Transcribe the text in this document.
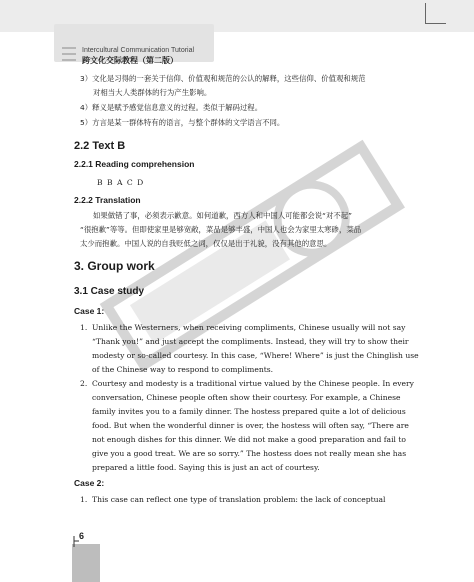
Intercultural Communication Tutorial
跨文化交际教程（第二版）
3）文化是习得的一套关于信仰、价值观和规范的公认的解释，这些信仰、价值观和规范
对相当大人类群体的行为产生影响。
4）释义是赋予感觉信息意义的过程。类似于解码过程。
5）方言是某一群体特有的语言，与整个群体的文学语言不同。
2.2 Text B
2.2.1 Reading comprehension
B B A C D
2.2.2 Translation
如果做错了事，必须表示歉意。如何道歉，西方人和中国人可能都会说“对不起”
“很抱歉”等等。但即使家里是够宽敞，菜品是够丰盛，中国人也会为家里太寒碜，菜品
太少而抱歉。中国人说的自我贬低之词，仅仅是出于礼貌，没有其他的意思。
3. Group work
3.1 Case study
Case 1:
1. Unlike the Westerners, when receiving compliments, Chinese usually will not say
“Thank you!” and just accept the compliments. Instead, they will try to show their
modesty or so-called courtesy. In this case, “Where! Where” is just the Chinglish use
of the Chinese way to respond to compliments.
2. Courtesy and modesty is a traditional virtue valued by the Chinese people. In every
conversation, Chinese people often show their courtesy. For example, a Chinese
family invites you to a family dinner. The hostess prepared quite a lot of delicious
food. But when the wonderful dinner is over, the hostess will often say, “There are
not enough dishes for this dinner. We did not make a good preparation and fail to
give you a good treat. We are so sorry.” The hostess does not really mean she has
prepared a little food. Saying this is just an act of courtesy.
Case 2:
1. This case can reflect one type of translation problem: the lack of conceptual
6
